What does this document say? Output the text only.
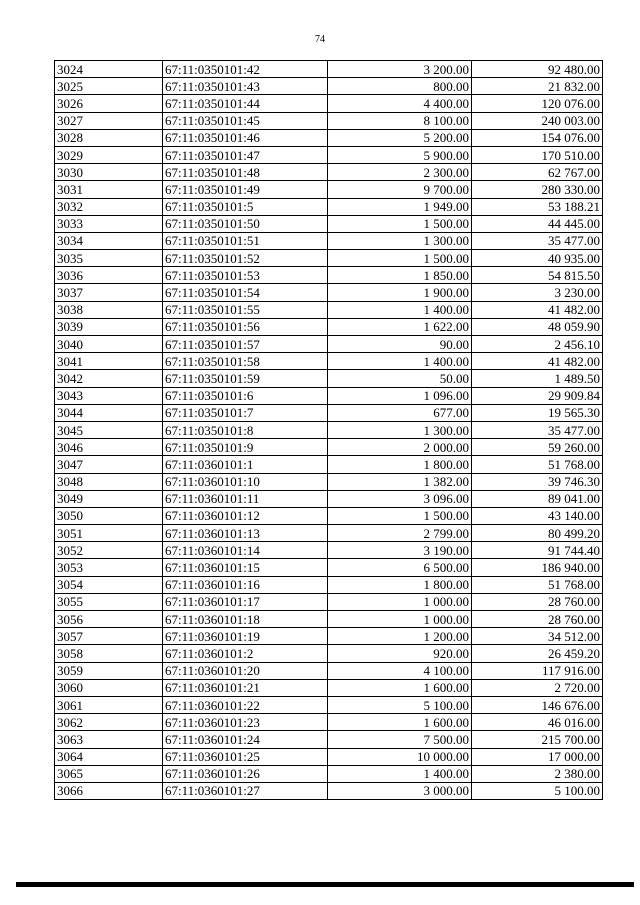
74
3024	67:11:0350101:42	3 200.00	92 480.00
3025	67:11:0350101:43	800.00	21 832.00
3026	67:11:0350101:44	4 400.00	120 076.00
3027	67:11:0350101:45	8 100.00	240 003.00
3028	67:11:0350101:46	5 200.00	154 076.00
3029	67:11:0350101:47	5 900.00	170 510.00
3030	67:11:0350101:48	2 300.00	62 767.00
3031	67:11:0350101:49	9 700.00	280 330.00
3032	67:11:0350101:5	1 949.00	53 188.21
3033	67:11:0350101:50	1 500.00	44 445.00
3034	67:11:0350101:51	1 300.00	35 477.00
3035	67:11:0350101:52	1 500.00	40 935.00
3036	67:11:0350101:53	1 850.00	54 815.50
3037	67:11:0350101:54	1 900.00	3 230.00
3038	67:11:0350101:55	1 400.00	41 482.00
3039	67:11:0350101:56	1 622.00	48 059.90
3040	67:11:0350101:57	90.00	2 456.10
3041	67:11:0350101:58	1 400.00	41 482.00
3042	67:11:0350101:59	50.00	1 489.50
3043	67:11:0350101:6	1 096.00	29 909.84
3044	67:11:0350101:7	677.00	19 565.30
3045	67:11:0350101:8	1 300.00	35 477.00
3046	67:11:0350101:9	2 000.00	59 260.00
3047	67:11:0360101:1	1 800.00	51 768.00
3048	67:11:0360101:10	1 382.00	39 746.30
3049	67:11:0360101:11	3 096.00	89 041.00
3050	67:11:0360101:12	1 500.00	43 140.00
3051	67:11:0360101:13	2 799.00	80 499.20
3052	67:11:0360101:14	3 190.00	91 744.40
3053	67:11:0360101:15	6 500.00	186 940.00
3054	67:11:0360101:16	1 800.00	51 768.00
3055	67:11:0360101:17	1 000.00	28 760.00
3056	67:11:0360101:18	1 000.00	28 760.00
3057	67:11:0360101:19	1 200.00	34 512.00
3058	67:11:0360101:2	920.00	26 459.20
3059	67:11:0360101:20	4 100.00	117 916.00
3060	67:11:0360101:21	1 600.00	2 720.00
3061	67:11:0360101:22	5 100.00	146 676.00
3062	67:11:0360101:23	1 600.00	46 016.00
3063	67:11:0360101:24	7 500.00	215 700.00
3064	67:11:0360101:25	10 000.00	17 000.00
3065	67:11:0360101:26	1 400.00	2 380.00
3066	67:11:0360101:27	3 000.00	5 100.00
